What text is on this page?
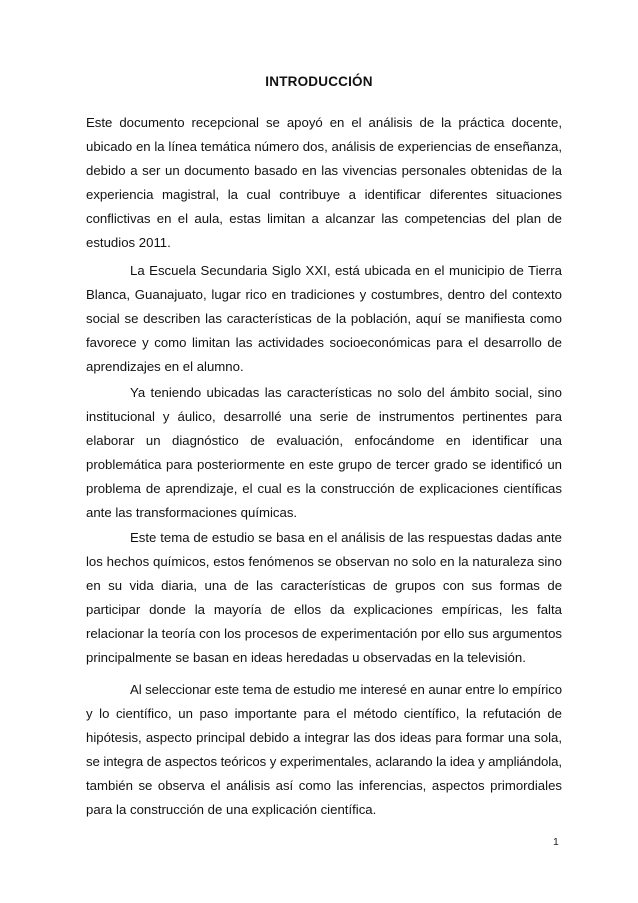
INTRODUCCIÓN
Este documento recepcional se apoyó en el análisis de la práctica docente,
ubicado en la línea temática número dos, análisis de experiencias de enseñanza,
debido a ser un documento basado en las vivencias personales obtenidas de la
experiencia magistral, la cual contribuye a identificar diferentes situaciones
conflictivas en el aula, estas limitan a alcanzar las competencias del plan de
estudios 2011.
La Escuela Secundaria Siglo XXI, está ubicada en el municipio de Tierra
Blanca, Guanajuato, lugar rico en tradiciones y costumbres, dentro del contexto
social se describen las características de la población, aquí se manifiesta como
favorece y como limitan las actividades socioeconómicas para el desarrollo de
aprendizajes en el alumno.
Ya teniendo ubicadas las características no solo del ámbito social, sino
institucional y áulico, desarrollé una serie de instrumentos pertinentes para
elaborar un diagnóstico de evaluación, enfocándome en identificar una
problemática para posteriormente en este grupo de tercer grado se identificó un
problema de aprendizaje, el cual es la construcción de explicaciones científicas
ante las transformaciones químicas.
Este tema de estudio se basa en el análisis de las respuestas dadas ante
los hechos químicos, estos fenómenos se observan no solo en la naturaleza sino
en su vida diaria, una de las características de grupos con sus formas de
participar donde la mayoría de ellos da explicaciones empíricas, les falta
relacionar la teoría con los procesos de experimentación por ello sus argumentos
principalmente se basan en ideas heredadas u observadas en la televisión.
Al seleccionar este tema de estudio me interesé en aunar entre lo empírico
y lo científico, un paso importante para el método científico, la refutación de
hipótesis, aspecto principal debido a integrar las dos ideas para formar una sola,
se integra de aspectos teóricos y experimentales, aclarando la idea y ampliándola,
también se observa el análisis así como las inferencias, aspectos primordiales
para la construcción de una explicación científica.
1
